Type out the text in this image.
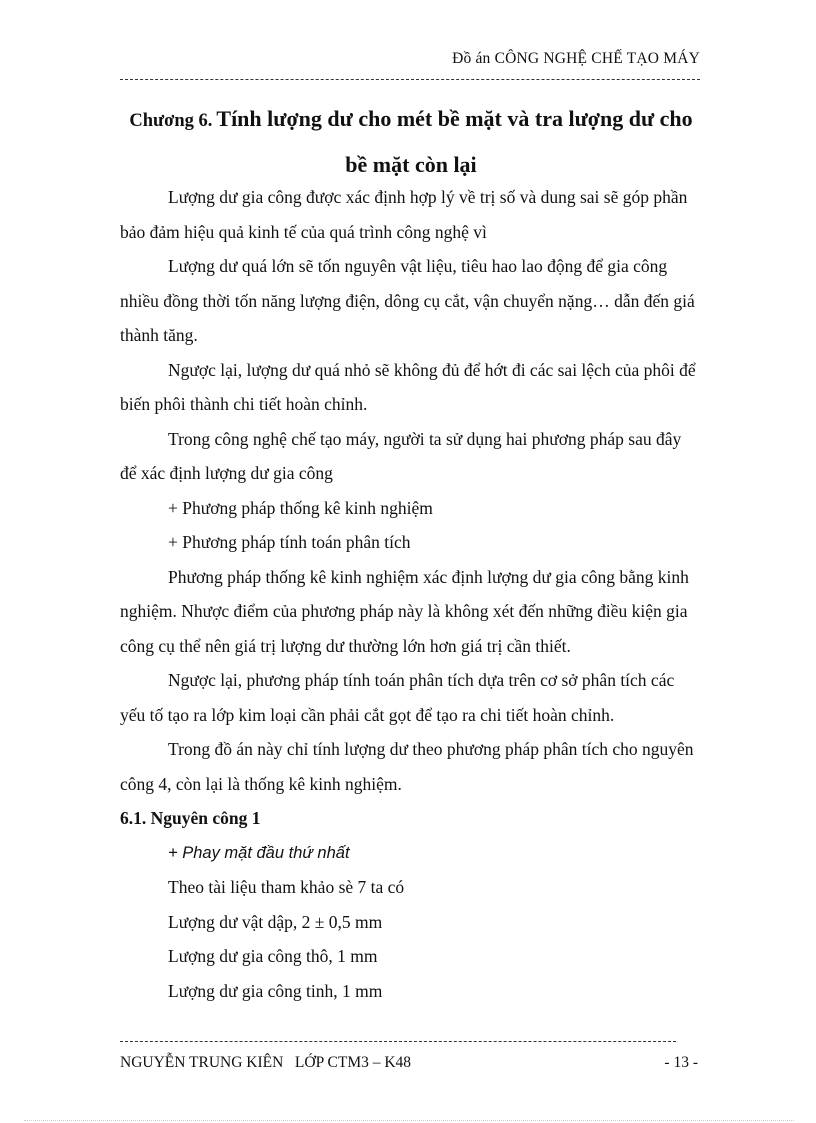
Đồ án CÔNG NGHỆ CHẾ TẠO MÁY
Chương 6. Tính lượng dư cho mét bề mặt và tra lượng dư cho
bề mặt còn lại

Lượng dư gia công được xác định hợp lý về trị số và dung sai sẽ góp phần bảo đảm hiệu quả kinh tế của quá trình công nghệ vì

Lượng dư quá lớn sẽ tốn nguyên vật liệu, tiêu hao lao động để gia công nhiều đồng thời tốn năng lượng điện, dông cụ cắt, vận chuyển nặng… dẫn đến giá thành tăng.

Ngược lại, lượng dư quá nhỏ sẽ không đủ để hớt đi các sai lệch của phôi để biến phôi thành chi tiết hoàn chỉnh.

Trong công nghệ chế tạo máy, người ta sử dụng hai phương pháp sau đây để xác định lượng dư gia công

+ Phương pháp thống kê kinh nghiệm

+ Phương pháp tính toán phân tích

Phương pháp thống kê kinh nghiệm xác định lượng dư gia công bằng kinh nghiệm. Nhược điểm của phương pháp này là không xét đến những điều kiện gia công cụ thể nên giá trị lượng dư thường lớn hơn giá trị cần thiết.

Ngược lại, phương pháp tính toán phân tích dựa trên cơ sở phân tích các yếu tố tạo ra lớp kim loại cần phải cắt gọt để tạo ra chi tiết hoàn chỉnh.

Trong đồ án này chỉ tính lượng dư theo phương pháp phân tích cho nguyên công 4, còn lại là thống kê kinh nghiệm.

6.1. Nguyên công 1

+ Phay mặt đầu thứ nhất

Theo tài liệu tham khảo sè 7 ta có

Lượng dư vật dập, 2 ± 0,5 mm

Lượng dư gia công thô, 1 mm

Lượng dư gia công tinh, 1 mm

NGUYỄN TRUNG KIÊN   LỚP CTM3 – K48	- 13 -
